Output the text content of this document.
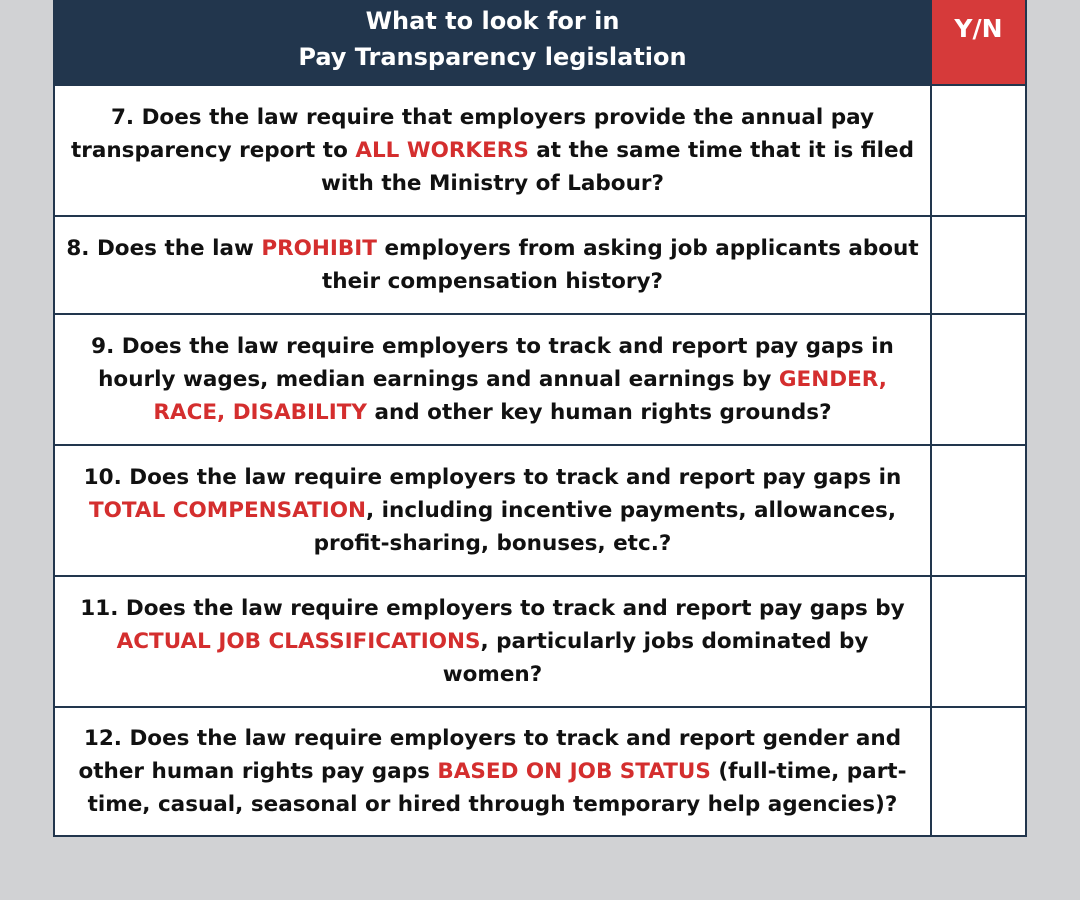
What to look for in
Pay Transparency legislation
Y/N
7. Does the law require that employers provide the annual pay transparency report to ALL WORKERS at the same time that it is filed with the Ministry of Labour?
8. Does the law PROHIBIT employers from asking job applicants about their compensation history?
9. Does the law require employers to track and report pay gaps in hourly wages, median earnings and annual earnings by GENDER, RACE, DISABILITY and other key human rights grounds?
10. Does the law require employers to track and report pay gaps in TOTAL COMPENSATION, including incentive payments, allowances, profit-sharing, bonuses, etc.?
11. Does the law require employers to track and report pay gaps by ACTUAL JOB CLASSIFICATIONS, particularly jobs dominated by women?
12. Does the law require employers to track and report gender and other human rights pay gaps BASED ON JOB STATUS (full-time, part-time, casual, seasonal or hired through temporary help agencies)?
